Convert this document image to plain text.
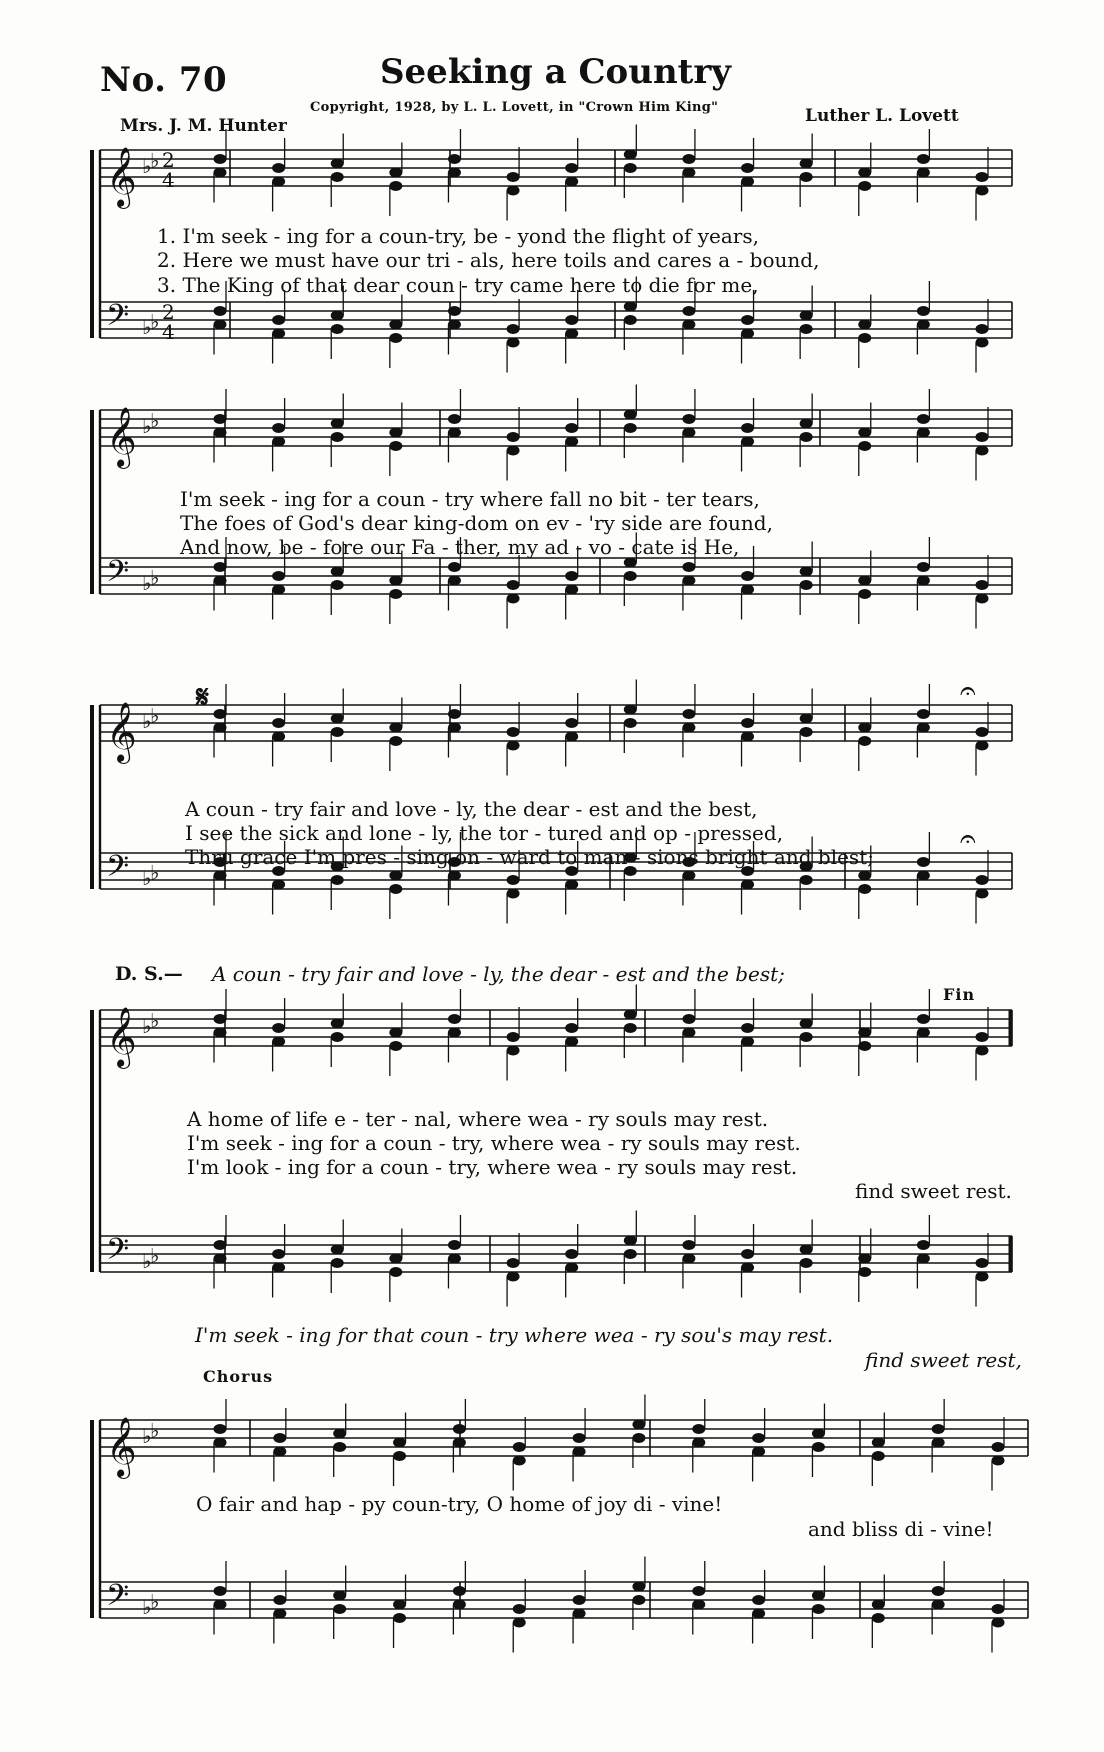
No. 70	Seeking a Country
Copyright, 1928, by L. L. Lovett, in "Crown Him King"
Mrs. J. M. Hunter	Luther L. Lovett
𝄞 ♭
♭ 2
4
𝄢 ♭
♭ 2
4
𝄞 ♭
♭
𝄢 ♭
♭
𝄞 ♭
♭
𝄢 ♭
♭
𝄞 ♭
♭
𝄢 ♭
♭
𝄞 ♭
♭
𝄢 ♭
♭
𝄐
𝄐
1. I'm seek - ing for a coun-try, be - yond the flight of years,
2. Here we must have our tri - als, here toils and cares a - bound,
3. The King of that dear coun - try came here to die for me,
I'm seek - ing for a coun - try where fall no bit - ter tears,
The foes of God's dear king-dom on ev - 'ry side are found,
And now, be - fore our Fa - ther, my ad - vo - cate is He,
𝄋
A coun - try fair and love - ly, the dear - est and the best,
I see the sick and lone - ly, the tor - tured and op - pressed,
Thru grace I'm pres - sing on - ward to man - sions bright and blest;
D. S.— A coun - try fair and love - ly, the dear - est and the best;
Fin
A home of life e - ter - nal, where wea - ry souls may rest.
I'm seek - ing for a coun - try, where wea - ry souls may rest.
I'm look - ing for a coun - try, where wea - ry souls may rest.
find sweet rest.
I'm seek - ing for that coun - try where wea - ry sou's may rest.
find sweet rest,
Chorus
O fair and hap - py coun-try, O home of joy di - vine!
and bliss di - vine!
